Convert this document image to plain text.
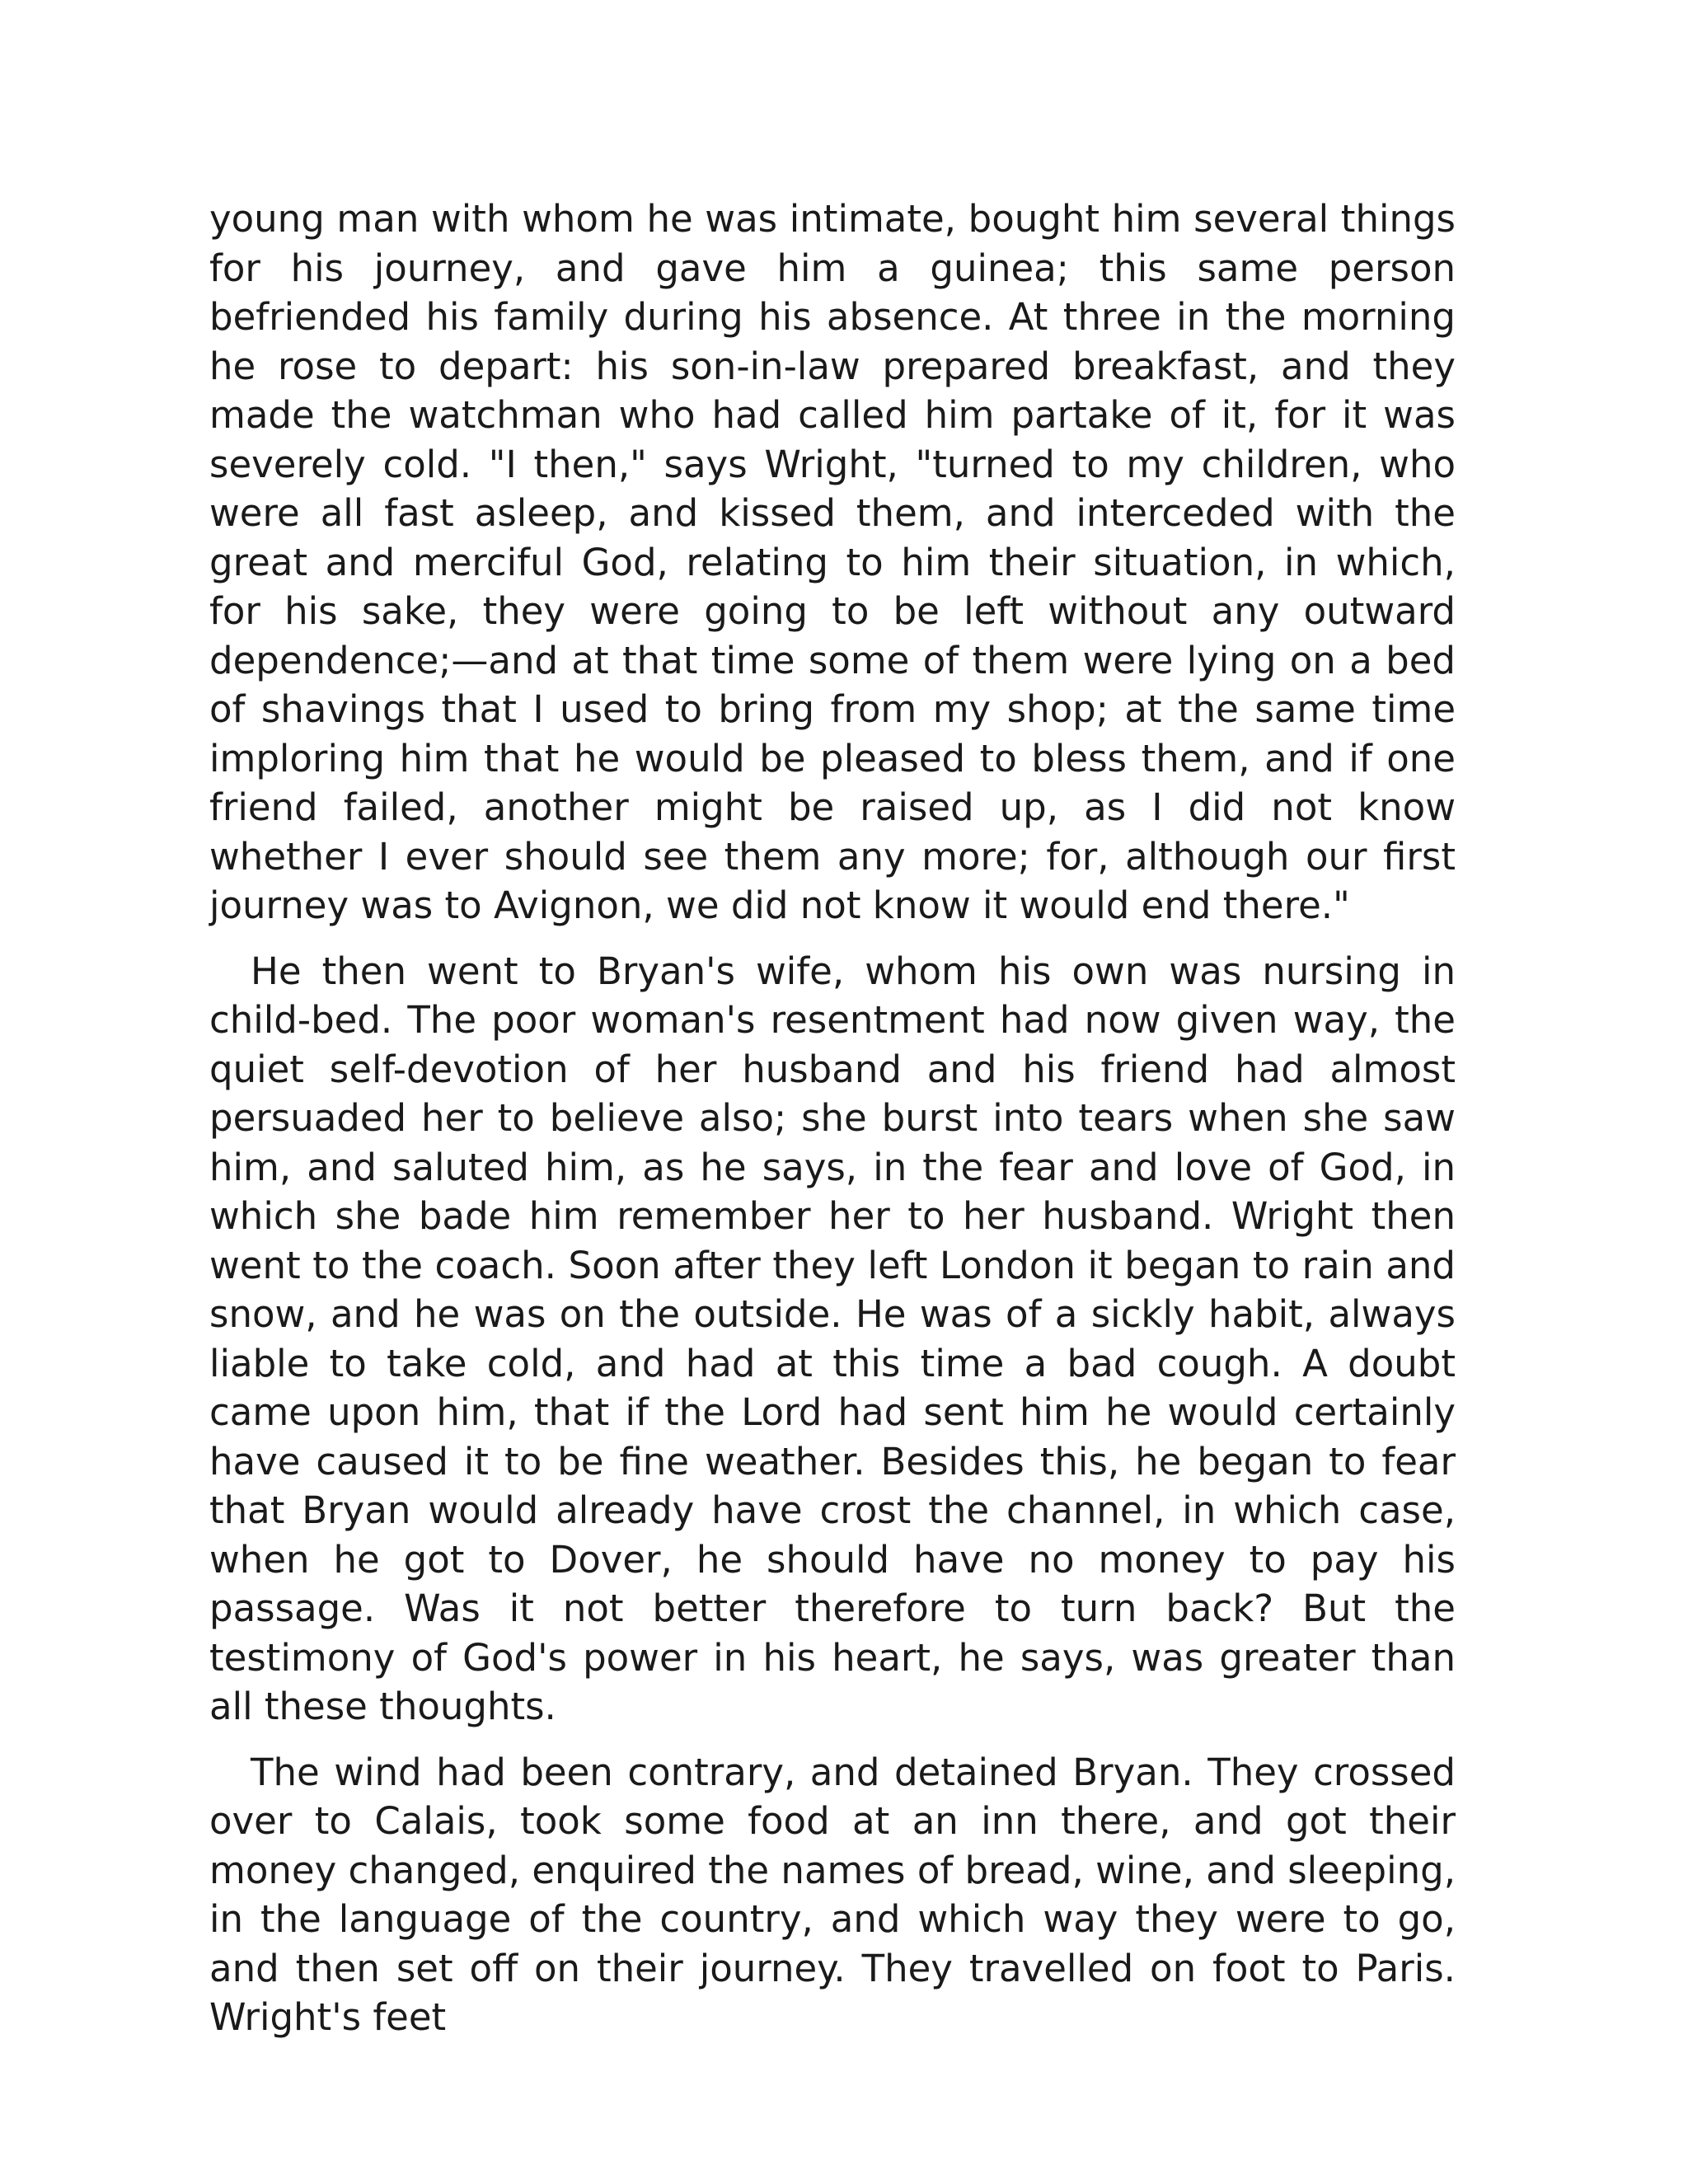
young man with whom he was intimate, bought him several things for his journey, and gave him a guinea; this same person befriended his family during his absence. At three in the morning he rose to depart: his son-in-law prepared breakfast, and they made the watchman who had called him partake of it, for it was severely cold. "I then," says Wright, "turned to my children, who were all fast asleep, and kissed them, and interceded with the great and merciful God, relating to him their situation, in which, for his sake, they were going to be left without any outward dependence;—and at that time some of them were lying on a bed of shavings that I used to bring from my shop; at the same time imploring him that he would be pleased to bless them, and if one friend failed, another might be raised up, as I did not know whether I ever should see them any more; for, although our first journey was to Avignon, we did not know it would end there."

He then went to Bryan's wife, whom his own was nursing in child-bed. The poor woman's resentment had now given way, the quiet self-devotion of her husband and his friend had almost persuaded her to believe also; she burst into tears when she saw him, and saluted him, as he says, in the fear and love of God, in which she bade him remember her to her husband. Wright then went to the coach. Soon after they left London it began to rain and snow, and he was on the outside. He was of a sickly habit, always liable to take cold, and had at this time a bad cough. A doubt came upon him, that if the Lord had sent him he would certainly have caused it to be fine weather. Besides this, he began to fear that Bryan would already have crost the channel, in which case, when he got to Dover, he should have no money to pay his passage. Was it not better therefore to turn back? But the testimony of God's power in his heart, he says, was greater than all these thoughts.

The wind had been contrary, and detained Bryan. They crossed over to Calais, took some food at an inn there, and got their money changed, enquired the names of bread, wine, and sleeping, in the language of the country, and which way they were to go, and then set off on their journey. They travelled on foot to Paris. Wright's feet
